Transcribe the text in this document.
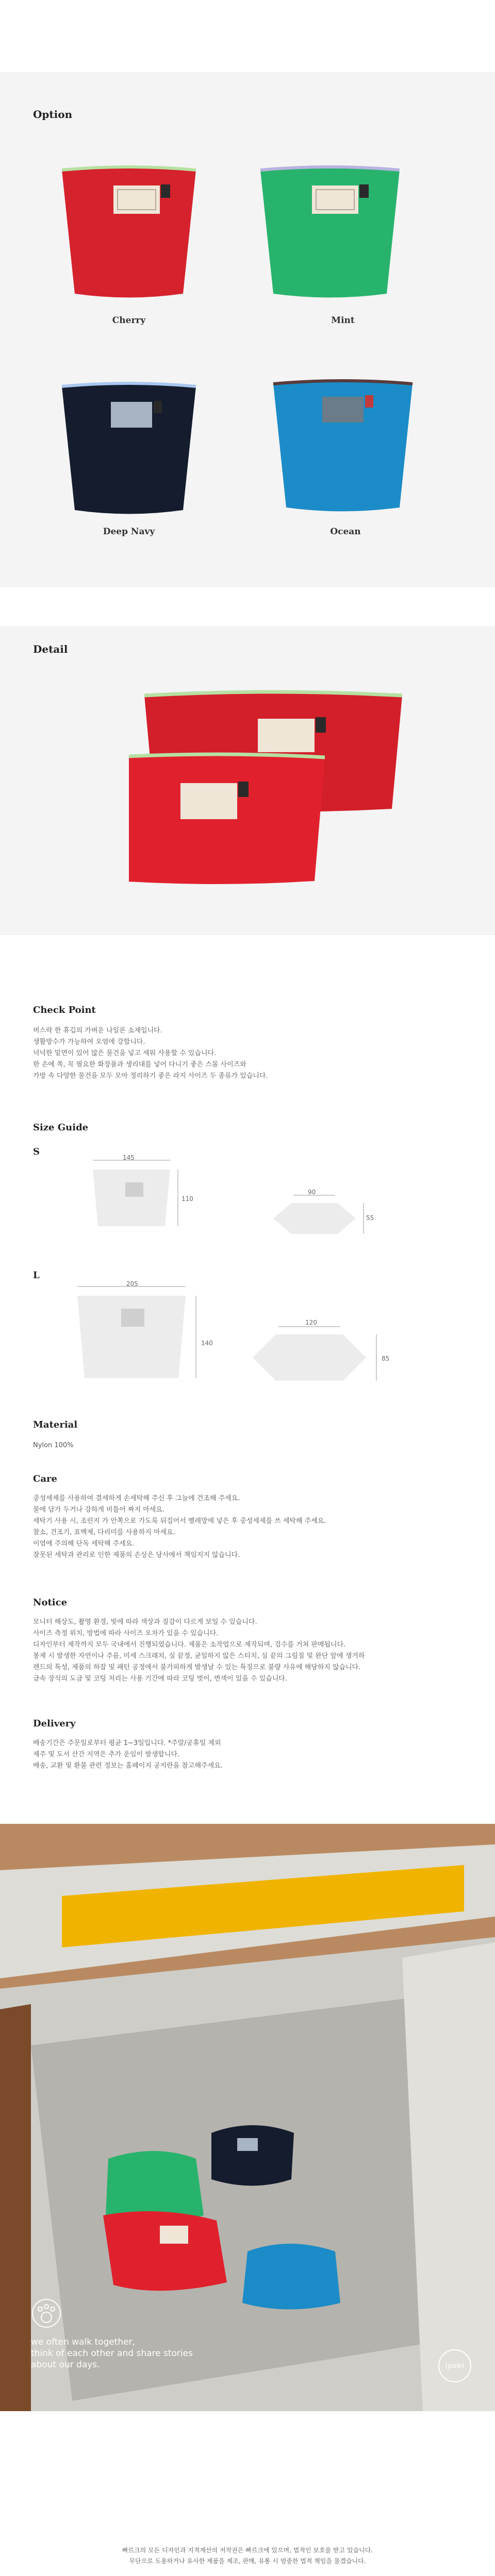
Option
Cherry	Mint
Deep Navy	Ocean
Detail
Check Point

버스락 한 휴깁의 가벼운 나일론 소재입니다.

생활방수가 가능하여 오염에 강합니다.

넉넉한 밑면이 있어 많은 물건을 넣고 세워 사용할 수 있습니다.

한 손에 쏙, 꼭 필요한 화장품과 생리대를 넣어 다니기 좋은 스몰 사이즈와

가방 속 다양한 물건을 모두 모아 정리하기 좋은 라지 사이즈 두 종류가 있습니다.

Size Guide
S
145
110
90
55
L
205
140
120
85
Material
Nylon 100%
Care

중성세제를 사용하여 결세하게 손세탁해 주신 후 그늘에 건조해 주세요.

물에 담가 두거나 강하게 비틀어 짜지 마세요.

세탁기 사용 시, 조린지 가 안쪽으로 가도록 뒤집어서 벨레망에 넣은 후 중성세제를 쓰 세탁해 주세요.

찰소, 건조기, 표백제, 다리미를 사용하지 마세요.

이염에 주의해 단독 세탁해 주세요.

잘못된 세탁과 관리로 인한 제품의 손상은 당사에서 책임지지 않습니다.

Notice

모니터 해상도, 촬영 환경, 빛에 따라 색상과 질감이 다르게 보일 수 있습니다.

사이즈 측정 위치, 방법에 따라 사이즈 오차가 있을 수 있습니다.

디자인부터 제작까지 모두 국내에서 진행되었습니다. 제품은 소작업으로 제작되며, 검수를 거쳐 판매됩니다.

봉제 시 발생한 자연이나 주름, 미세 스크래치, 실 끝정, 균일하지 않은 스티치, 실 끝의 그림질 및 완단 앞에 생겨하

렌드의 특성, 제품의 하잡 및 패턴 공정에서 불가피하게 발생날 수 있는 특징으로 불량 사유에 해당하지 않습니다.

금속 장식의 도금 및 코팅 처리는 사용 기간에 따라 코팅 벗이, 변색이 있을 수 있습니다.

Delivery

배송기간은 주문일로부터 평균 1~3일입니다. *주말/공휴일 제외

제주 및 도서 산간 지역은 추가 운임이 발생합니다.

배송, 교환 및 환불 관련 정보는 홈페이지 공지란을 참고해주세요.

we often walk together,
think of each other and share stories
about our days.	(paw)
빠르크의 모든 디자인과 지적재산의 저작권은 빠르크에 있으며, 법적인 보호를 받고 있습니다.
무단으로 도용하거나 유사한 제품을 제조, 판매, 유통 시 엄중한 법적 책임을 물겠습니다.
